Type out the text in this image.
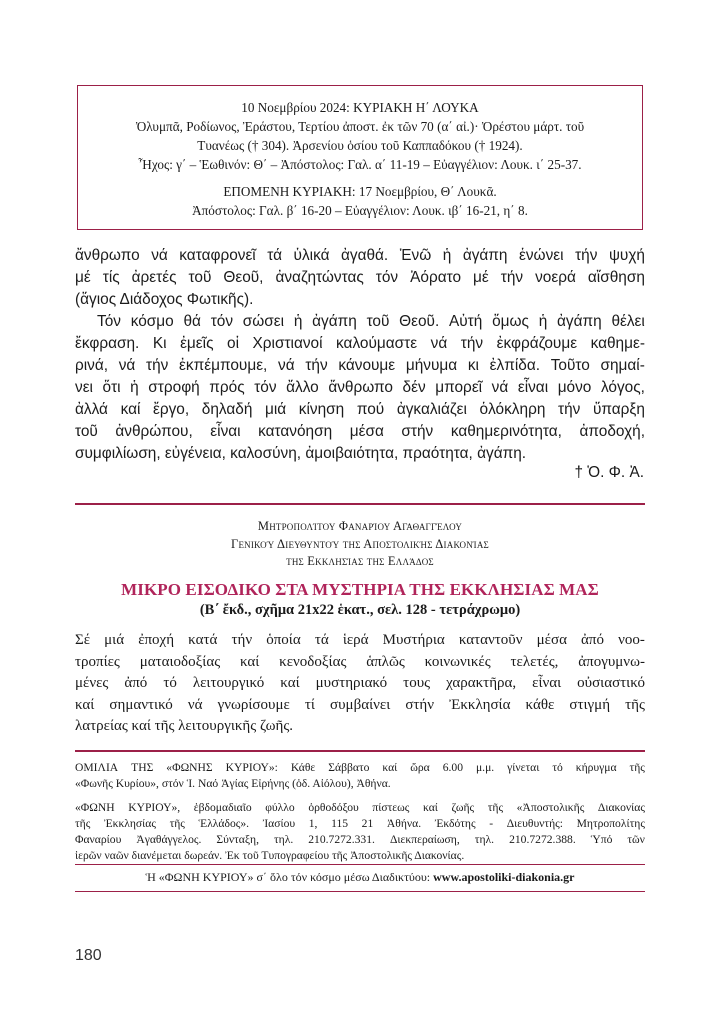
10 Νοεμβρίου 2024: ΚΥΡΙΑΚΗ Η΄ ΛΟΥΚΑ
Ὀλυμπᾶ, Ροδίωνος, Ἐράστου, Τερτίου ἀποστ. ἐκ τῶν 70 (α΄ αἰ.)· Ὀρέστου μάρτ. τοῦ
Τυανέως († 304). Ἀρσενίου ὁσίου τοῦ Καππαδόκου († 1924).
Ἦχος: γ΄ – Ἑωθινόν: Θ΄ – Ἀπόστολος: Γαλ. α΄ 11-19 – Εὐαγγέλιον: Λουκ. ι΄ 25-37.
ΕΠΟΜΕΝΗ ΚΥΡΙΑΚΗ: 17 Νοεμβρίου, Θ΄ Λουκᾶ.
Ἀπόστολος: Γαλ. β΄ 16-20 – Εὐαγγέλιον: Λουκ. ιβ΄ 16-21, η΄ 8.
ἄνθρωπο νά καταφρονεῖ τά ὑλικά ἀγαθά. Ἐνῶ ἡ ἀγάπη ἑνώνει τήν ψυχή
μέ τίς ἀρετές τοῦ Θεοῦ, ἀναζητώντας τόν Ἀόρατο μέ τήν νοερά αἴσθηση
(ἅγιος Διάδοχος Φωτικῆς).
Τόν κόσμο θά τόν σώσει ἡ ἀγάπη τοῦ Θεοῦ. Αὐτή ὅμως ἡ ἀγάπη θέλει
ἔκφραση. Κι ἐμεῖς οἱ Χριστιανοί καλούμαστε νά τήν ἐκφράζουμε καθημε-
ρινά, νά τήν ἐκπέμπουμε, νά τήν κάνουμε μήνυμα κι ἐλπίδα. Τοῦτο σημαί-
νει ὅτι ἡ στροφή πρός τόν ἄλλο ἄνθρωπο δέν μπορεῖ νά εἶναι μόνο λόγος,
ἀλλά καί ἔργο, δηλαδή μιά κίνηση πού ἀγκαλιάζει ὁλόκληρη τήν ὕπαρξη
τοῦ ἀνθρώπου, εἶναι κατανόηση μέσα στήν καθημερινότητα, ἀποδοχή,
συμφιλίωση, εὐγένεια, καλοσύνη, ἀμοιβαιότητα, πραότητα, ἀγάπη.
† Ὁ. Φ. Ἀ.
Μητροπολίτου Φαναρίου Αγαθαγγέλου
Γενικού Διευθυντού της Αποστολικής Διακονίας
της Εκκλησίας της Ελλάδος
ΜΙΚΡΟ ΕΙΣΟΔΙΚΟ ΣΤΑ ΜΥΣΤΗΡΙΑ ΤΗΣ ΕΚΚΛΗΣΙΑΣ ΜΑΣ
(Β΄ ἔκδ., σχῆμα 21x22 ἑκατ., σελ. 128 - τετράχρωμο)
Σέ μιά ἐποχή κατά τήν ὁποία τά ἱερά Μυστήρια καταντοῦν μέσα ἀπό νοο-
τροπίες ματαιοδοξίας καί κενοδοξίας ἁπλῶς κοινωνικές τελετές, ἀπογυμνω-
μένες ἀπό τό λειτουργικό καί μυστηριακό τους χαρακτῆρα, εἶναι οὐσιαστικό
καί σημαντικό νά γνωρίσουμε τί συμβαίνει στήν Ἐκκλησία κάθε στιγμή τῆς
λατρείας καί τῆς λειτουργικῆς ζωῆς.
ΟΜΙΛΙΑ ΤΗΣ «ΦΩΝΗΣ ΚΥΡΙΟΥ»: Κάθε Σάββατο καί ὥρα 6.00 μ.μ. γίνεται τό κήρυγμα τῆς
«Φωνῆς Κυρίου», στόν Ἱ. Ναό Ἁγίας Εἰρήνης (ὁδ. Αἰόλου), Ἀθήνα.
«ΦΩΝΗ ΚΥΡΙΟΥ», ἑβδομαδιαῖο φύλλο ὀρθοδόξου πίστεως καί ζωῆς τῆς «Ἀποστολικῆς Διακονίας
τῆς Ἐκκλησίας τῆς Ἑλλάδος». Ἰασίου 1, 115 21 Ἀθήνα. Ἐκδότης - Διευθυντής: Μητροπολίτης
Φαναρίου Ἀγαθάγγελος. Σύνταξη, τηλ. 210.7272.331. Διεκπεραίωση, τηλ. 210.7272.388. Ὑπό τῶν
ἱερῶν ναῶν διανέμεται δωρεάν. Ἐκ τοῦ Τυπογραφείου τῆς Ἀποστολικῆς Διακονίας.
Ἡ «ΦΩΝΗ ΚΥΡΙΟΥ» σ΄ ὅλο τόν κόσμο μέσω Διαδικτύου: www.apostoliki-diakonia.gr
180
